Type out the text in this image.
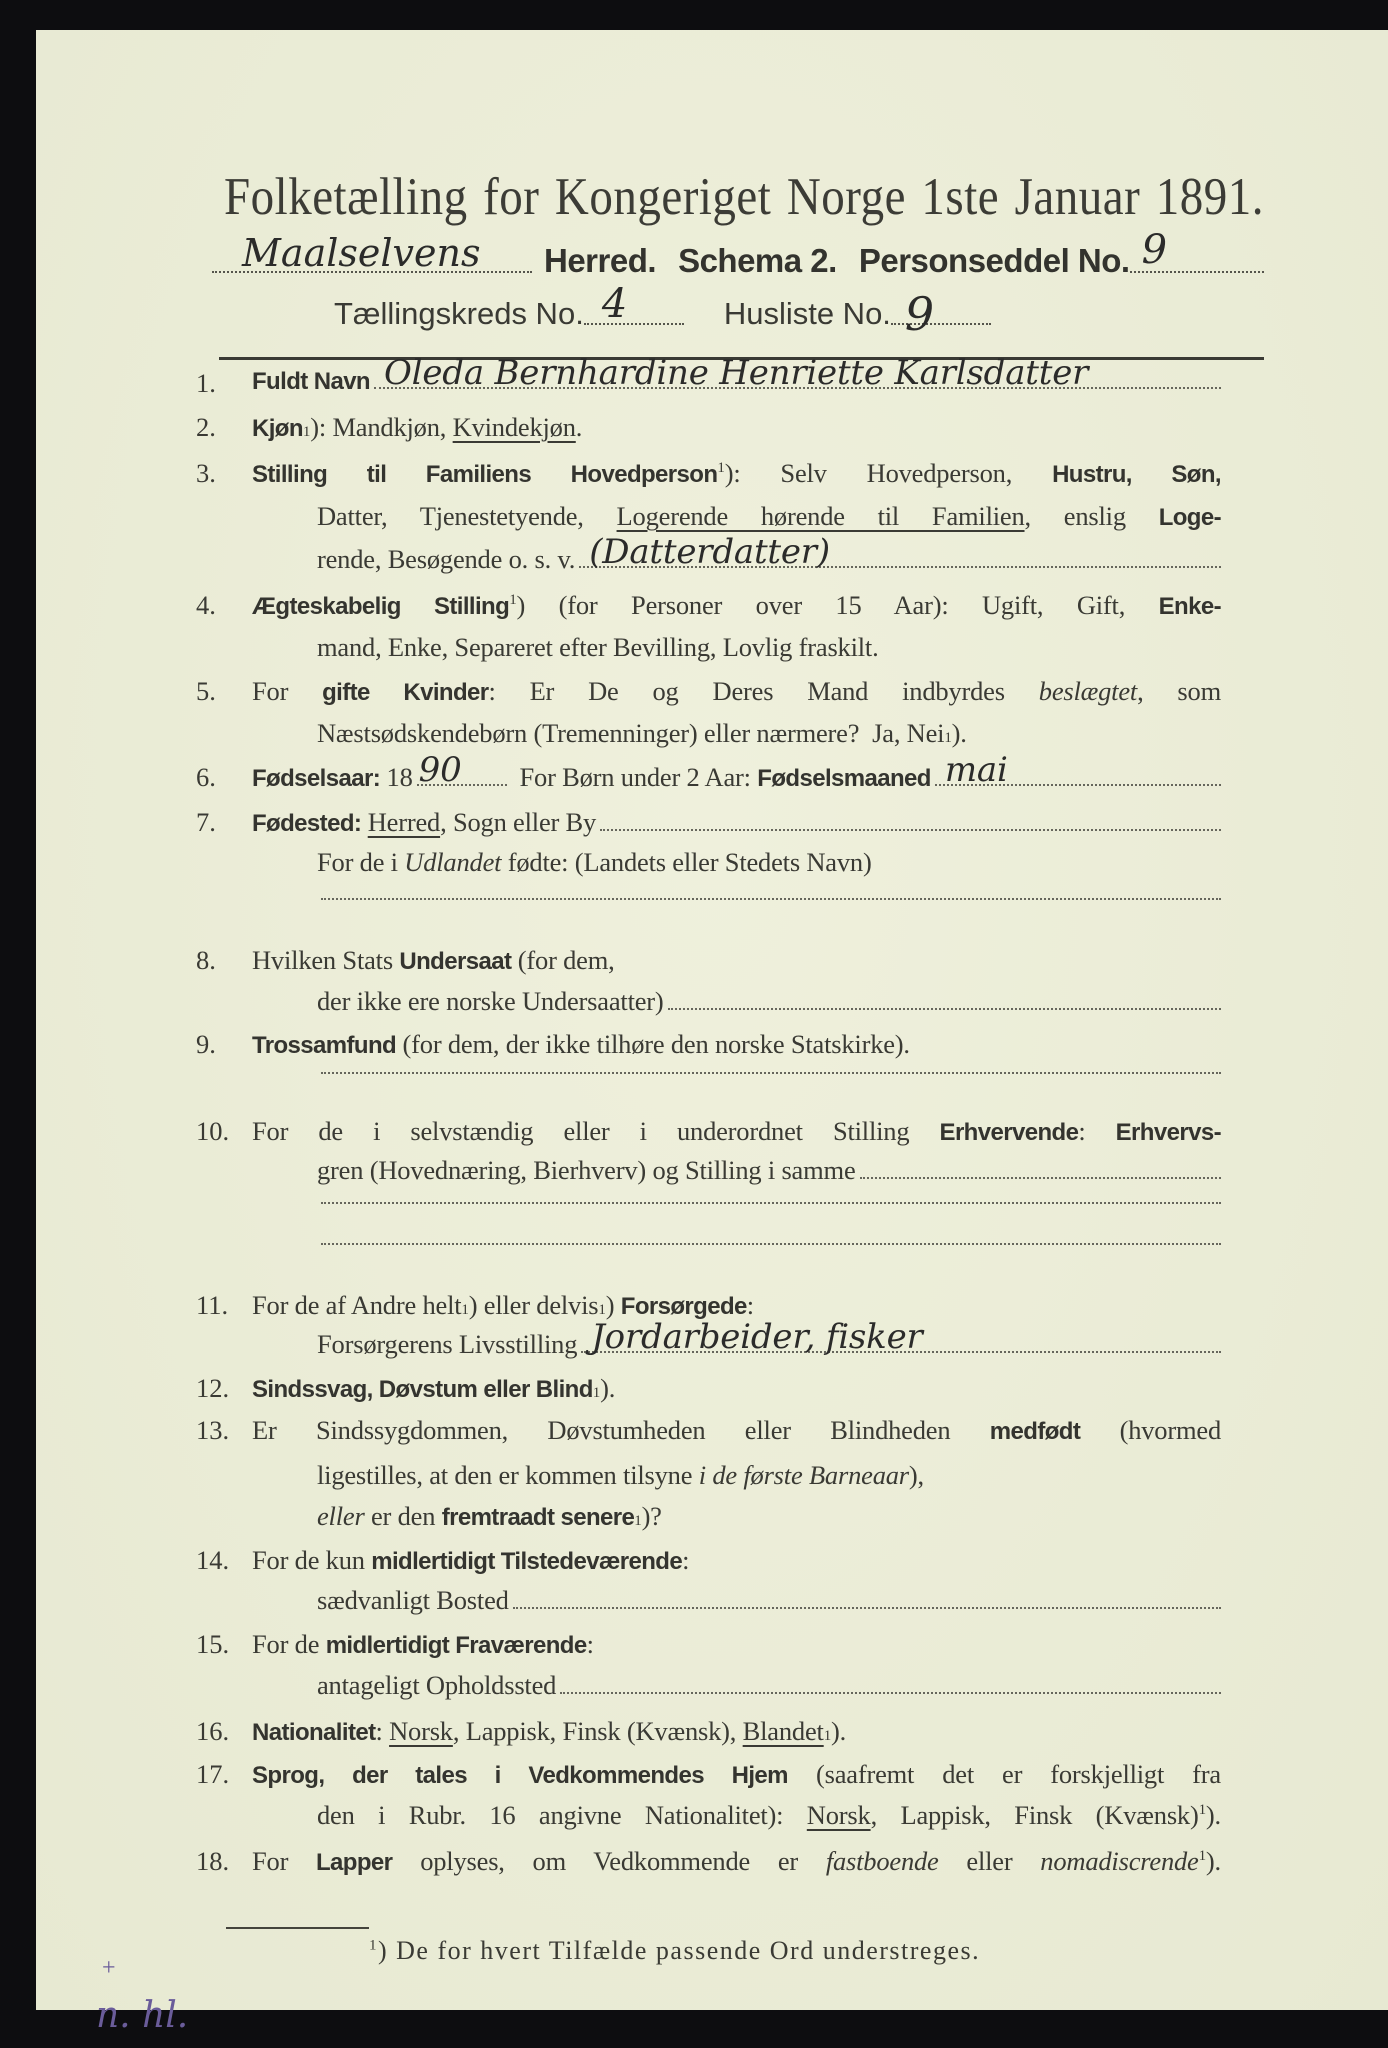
Folketælling for Kongeriget Norge 1ste Januar 1891.
Maalselvens Herred. Schema 2. Personseddel No. 9
Tællingskreds No. 4	Husliste No. 9
1. Fuldt Navn Oleda Bernhardine Henriette Karlsdatter
2. Kjøn 1 ): Mandkjøn, Kvindekjøn .
3. Stilling til Familiens Hovedperson$^1$): Selv Hovedperson, Hustru, Søn,
Datter, Tjenestetyende, Logerende hørende til Familien, enslig Loge-
rende, Besøgende o. s. v. (Datterdatter)
4. Ægteskabelig Stilling$^1$) (for Personer over 15 Aar): Ugift, Gift, Enke-
mand, Enke, Separeret efter Bevilling, Lovlig fraskilt.
5. For gifte Kvinder: Er De og Deres Mand indbyrdes beslægtet, som
Næstsødskendebørn (Tremenninger) eller nærmere?  Ja, Nei 1 ).
6. Fødselsaar: 18 90 For Børn under 2 Aar: Fødselsmaaned mai
7. Fødested:
Herred , Sogn eller By
For de i Udlandet fødte: (Landets eller Stedets Navn)
8. Hvilken Stats Undersaat (for dem,
der ikke ere norske Undersaatter)
9. Trossamfund (for dem, der ikke tilhøre den norske Statskirke).
10. For de i selvstændig eller i underordnet Stilling Erhvervende: Erhvervs-
gren (Hovednæring, Bierhverv) og Stilling i samme
11. For de af Andre helt 1 ) eller delvis 1 ) Forsørgede :
Forsørgerens Livsstilling Jordarbeider, fisker
12. Sindssvag, Døvstum eller Blind 1 ).
13. Er Sindssygdommen, Døvstumheden eller Blindheden medfødt (hvormed
ligestilles, at den er kommen tilsyne i de første Barneaar ),
eller er den fremtraadt senere 1 )?
14. For de kun midlertidigt Tilstedeværende :
sædvanligt Bosted
15. For de midlertidigt Fraværende :
antageligt Opholdssted
16. Nationalitet : Norsk , Lappisk, Finsk (Kvænsk), Blandet 1 ).
17. Sprog, der tales i Vedkommendes Hjem (saafremt det er forskjelligt fra
den i Rubr. 16 angivne Nationalitet): Norsk, Lappisk, Finsk (Kvænsk)$^1$).
18. For Lapper oplyses, om Vedkommende er fastboende eller nomadiscrende$^1$).
$^1$) De for hvert Tilfælde passende Ord understreges.
+
n. hl.
